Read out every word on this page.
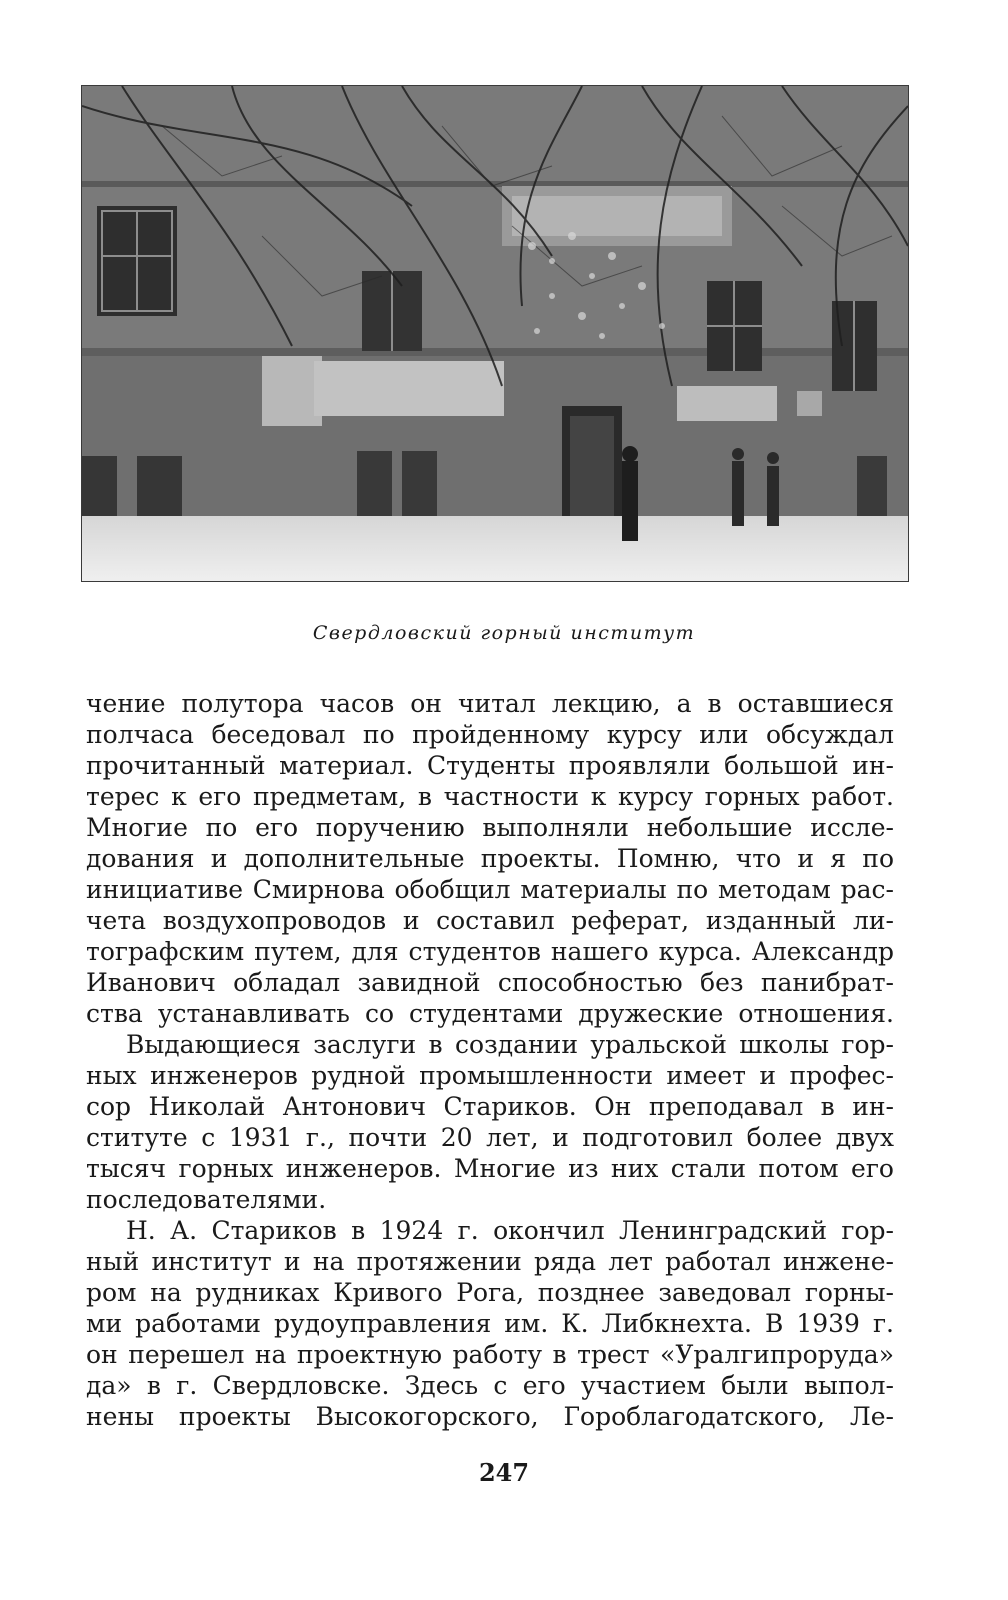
Свердловский горный институт
чение полутора часов он читал лекцию, а в оставшиеся
полчаса беседовал по пройденному курсу или обсуждал
прочитанный материал. Студенты проявляли большой ин-
терес к его предметам, в частности к курсу горных работ.
Многие по его поручению выполняли небольшие иссле-
дования и дополнительные проекты. Помню, что и я по
инициативе Смирнова обобщил материалы по методам рас-
чета воздухопроводов и составил реферат, изданный ли-
тографским путем, для студентов нашего курса. Александр
Иванович обладал завидной способностью без панибрат-
ства устанавливать со студентами дружеские отношения.
Выдающиеся заслуги в создании уральской школы гор-
ных инженеров рудной промышленности имеет и профес-
сор Николай Антонович Стариков. Он преподавал в ин-
ституте с 1931 г., почти 20 лет, и подготовил более двух
тысяч горных инженеров. Многие из них стали потом его
последователями.
Н. А. Стариков в 1924 г. окончил Ленинградский гор-
ный институт и на протяжении ряда лет работал инжене-
ром на рудниках Кривого Рога, позднее заведовал горны-
ми работами рудоуправления им. К. Либкнехта. В 1939 г.
он перешел на проектную работу в трест «Уралгипроруда»
да» в г. Свердловске. Здесь с его участием были выпол-
нены проекты Высокогорского, Гороблагодатского, Ле-
247
